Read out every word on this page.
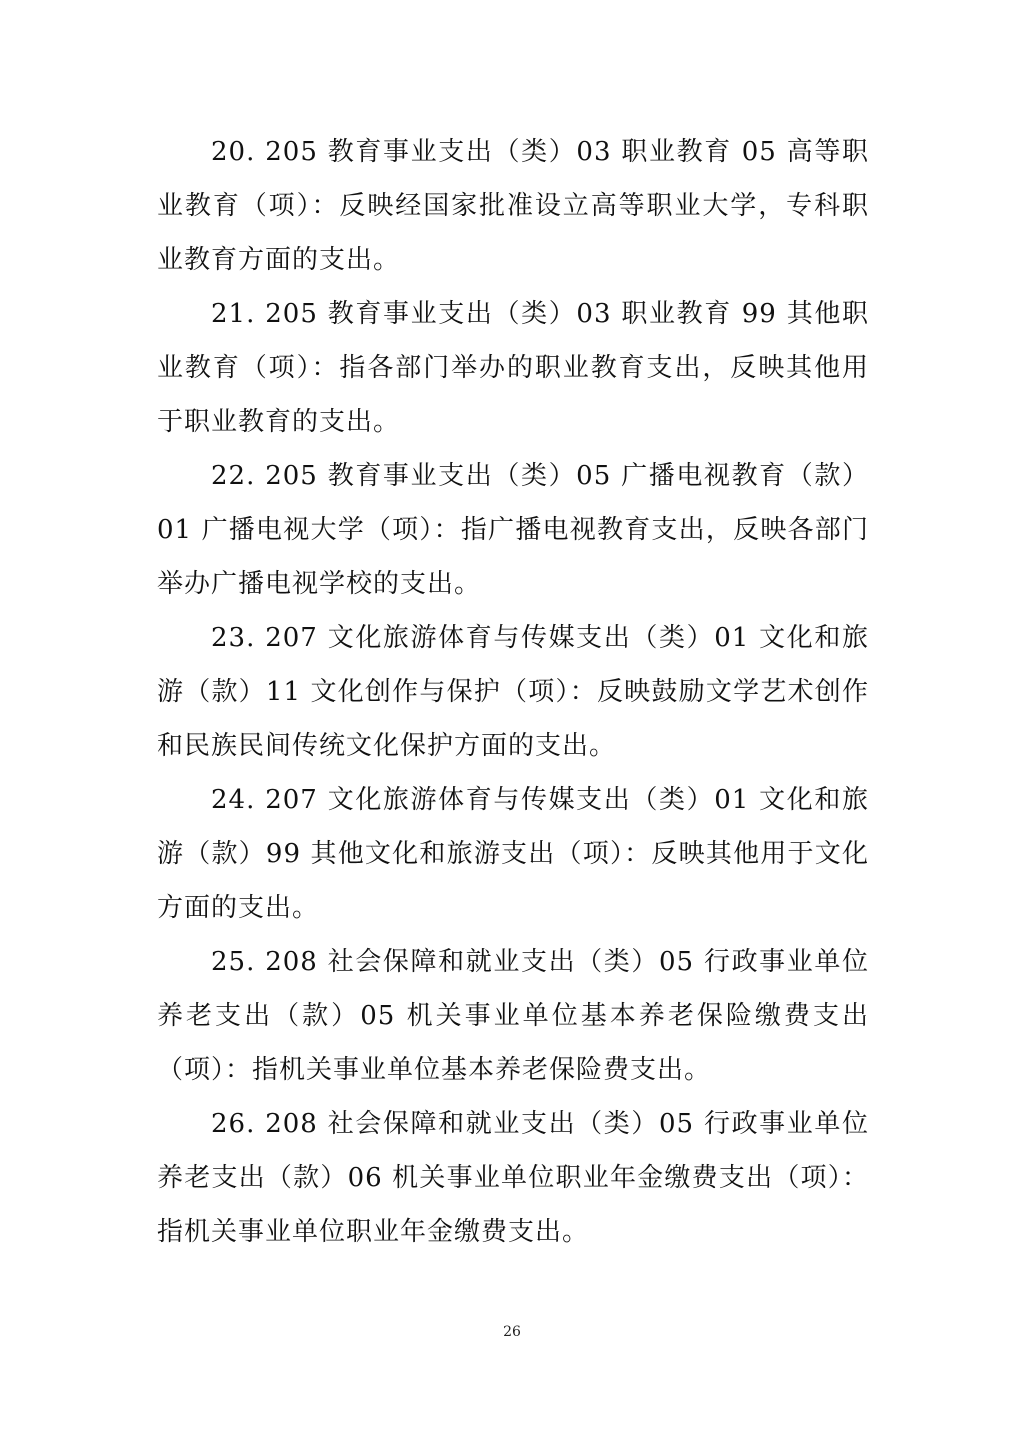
20. 205 教育事业支出（类）03 职业教育 05 高等职业教育（项）：反映经国家批准设立高等职业大学，专科职业教育方面的支出。

21. 205 教育事业支出（类）03 职业教育 99 其他职业教育（项）：指各部门举办的职业教育支出，反映其他用于职业教育的支出。

22. 205 教育事业支出（类）05 广播电视教育（款）01 广播电视大学（项）：指广播电视教育支出，反映各部门举办广播电视学校的支出。

23. 207 文化旅游体育与传媒支出（类）01 文化和旅游（款）11 文化创作与保护（项）：反映鼓励文学艺术创作和民族民间传统文化保护方面的支出。

24. 207 文化旅游体育与传媒支出（类）01 文化和旅游（款）99 其他文化和旅游支出（项）：反映其他用于文化方面的支出。

25. 208 社会保障和就业支出（类）05 行政事业单位养老支出（款）05 机关事业单位基本养老保险缴费支出（项）：指机关事业单位基本养老保险费支出。

26. 208 社会保障和就业支出（类）05 行政事业单位养老支出（款）06 机关事业单位职业年金缴费支出（项）：指机关事业单位职业年金缴费支出。

26
